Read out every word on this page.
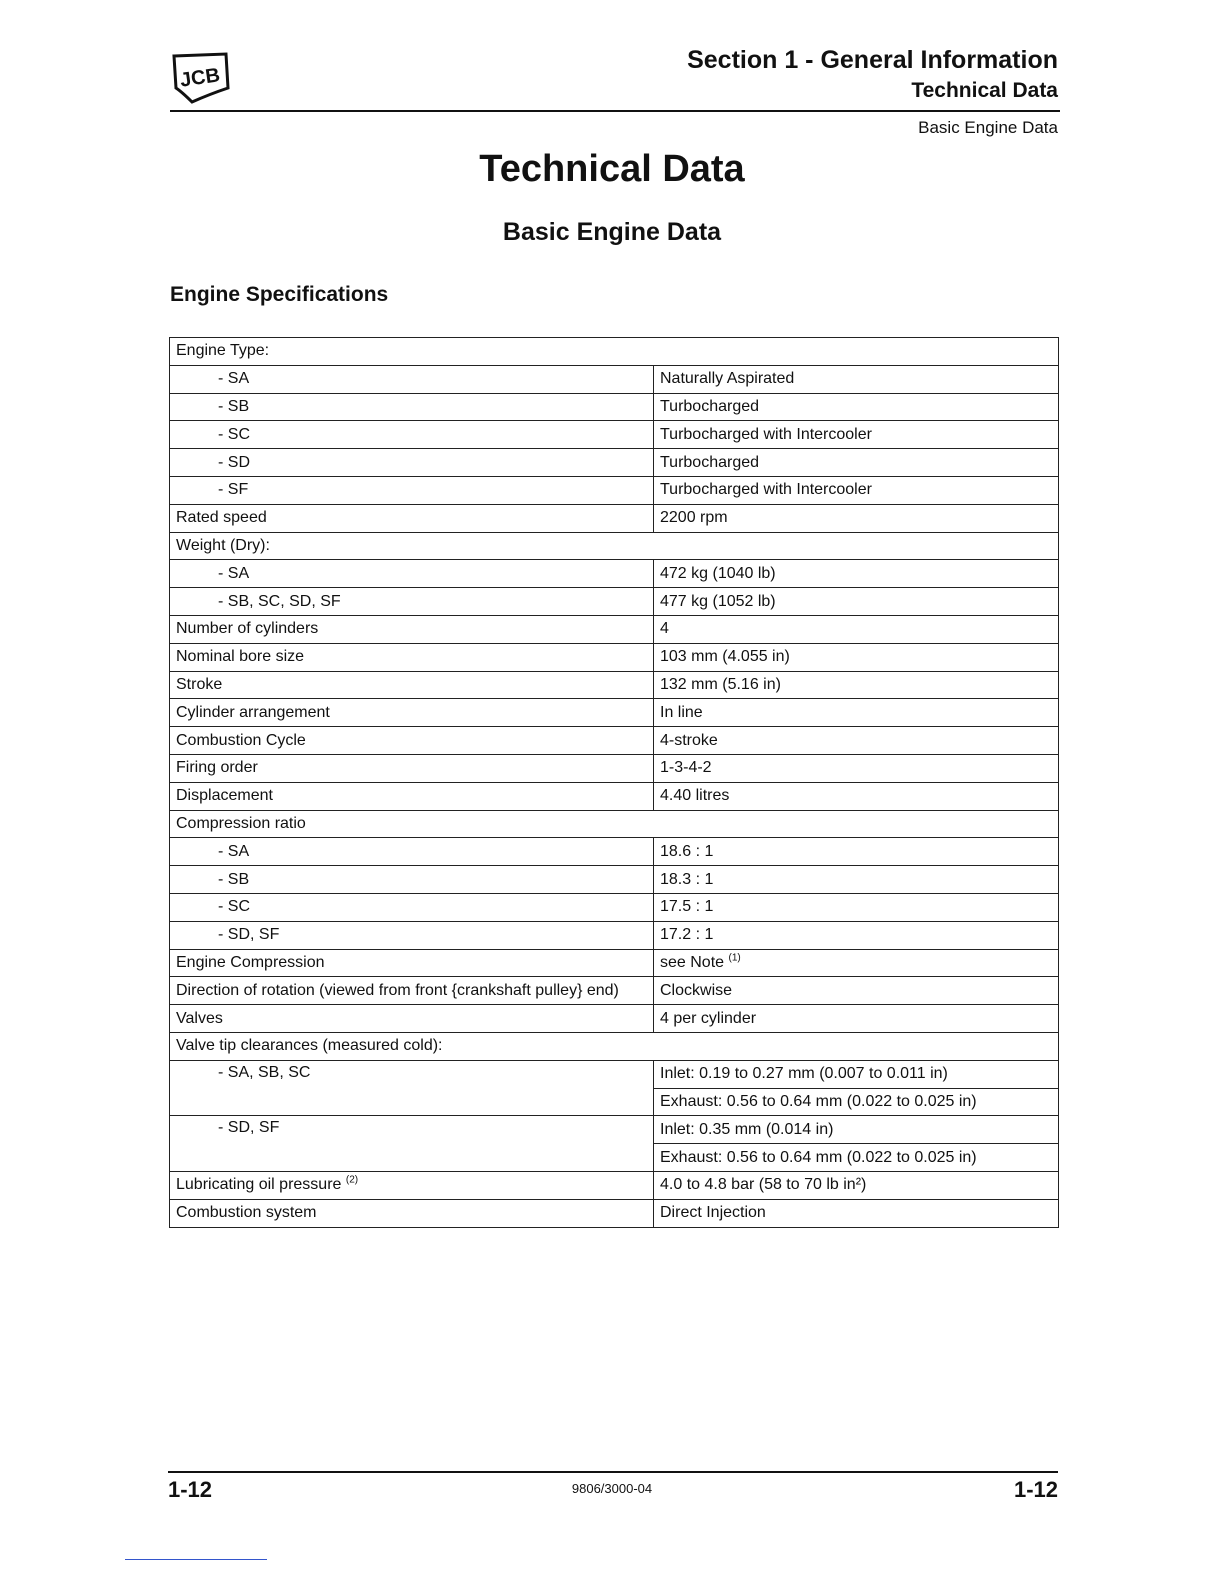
JCB
Section 1 - General Information
Technical Data
Basic Engine Data
Technical Data
Basic Engine Data
Engine Specifications
Engine Type:	
- SA	Naturally Aspirated
- SB	Turbocharged
- SC	Turbocharged with Intercooler
- SD	Turbocharged
- SF	Turbocharged with Intercooler
Rated speed	2200 rpm
Weight (Dry):	
- SA	472 kg (1040 lb)
- SB, SC, SD, SF	477 kg (1052 lb)
Number of cylinders	4
Nominal bore size	103 mm (4.055 in)
Stroke	132 mm (5.16 in)
Cylinder arrangement	In line
Combustion Cycle	4-stroke
Firing order	1-3-4-2
Displacement	4.40 litres
Compression ratio	
- SA	18.6 : 1
- SB	18.3 : 1
- SC	17.5 : 1
- SD, SF	17.2 : 1
Engine Compression	see Note $^{(1)}$
Direction of rotation (viewed from front {crankshaft pulley} end)	Clockwise
Valves	4 per cylinder
Valve tip clearances (measured cold):	
- SA, SB, SC	Inlet: 0.19 to 0.27 mm (0.007 to 0.011 in)
	Exhaust: 0.56 to 0.64 mm (0.022 to 0.025 in)
- SD, SF	Inlet: 0.35 mm (0.014 in)
	Exhaust: 0.56 to 0.64 mm (0.022 to 0.025 in)
Lubricating oil pressure $^{(2)}$	4.0 to 4.8 bar (58 to 70 lb in²)
Combustion system	Direct Injection
1-12	9806/3000-04	1-12
